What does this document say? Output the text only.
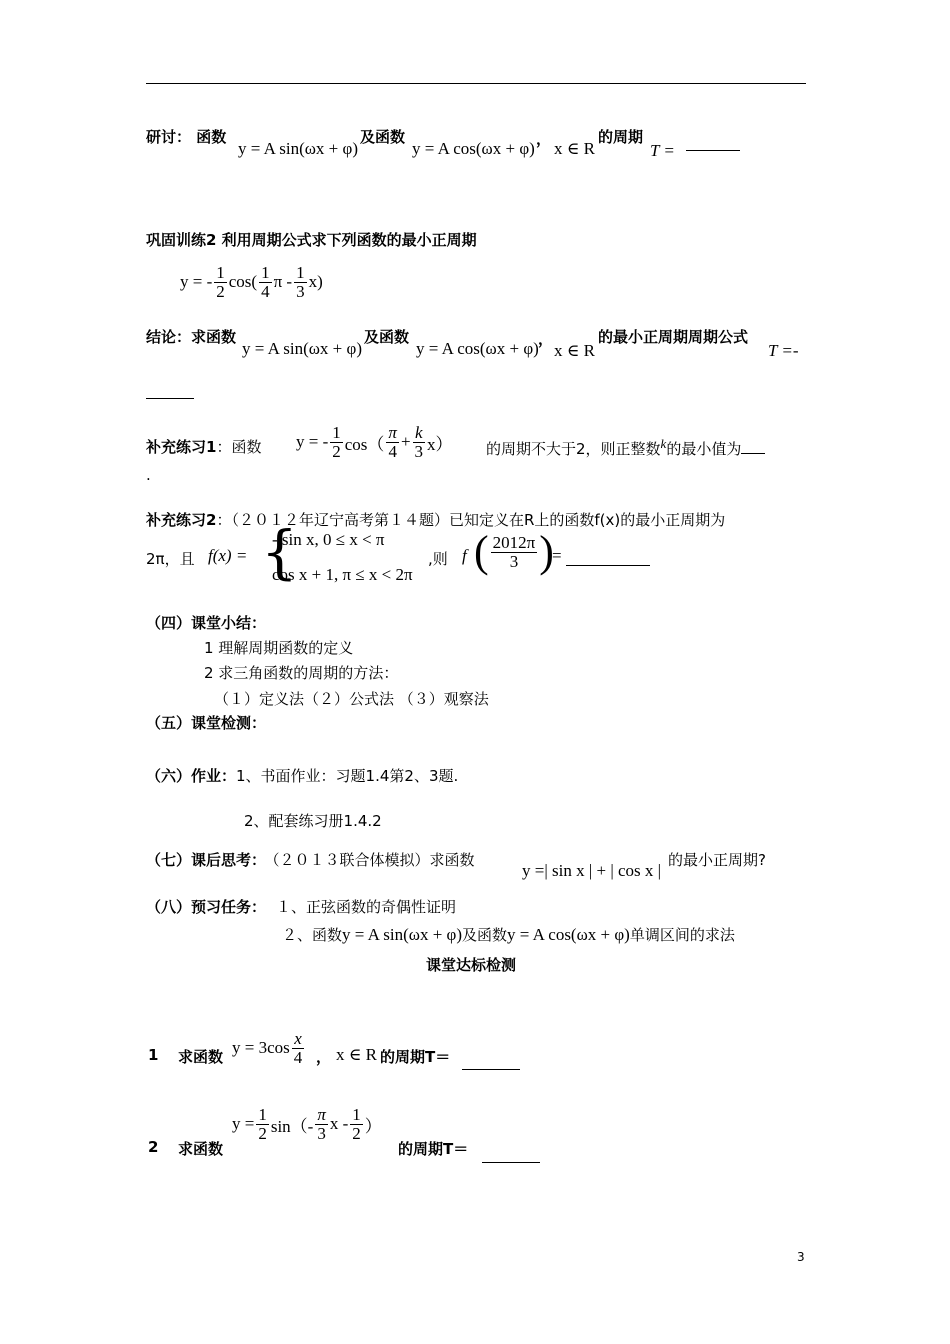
研讨： 函数
y = A sin(ωx + φ)
及函数
y = A cos(ωx + φ) ， x ∈ R
的周期
T =
巩固训练2 利用周期公式求下列函数的最小正周期
y = - $\frac{1}{2} \cos( \frac{1}{4}$ π - $\frac{1}{3} x$)
结论：求函数
y = A sin(ωx + φ)
及函数
y = A cos(ωx + φ) ，
x ∈ R
的最小正周期周期公式
T =-
补充练习1：函数 y = - $\frac{1}{2} \cos( \frac{\pi}{4} + \frac{k}{3} x)$ 的周期不大于2，则正整数k的最小值为
.
补充练习2：（２０１２年辽宁高考第１４题）已知定义在R上的函数f(x)的最小正周期为
2π，且 f(x) = {
- sin x, 0 ≤ x < π
cos x + 1, π ≤ x < 2π
,则 f ( $\frac{2012\pi}{3}$ )
=
（四）课堂小结：
1 理解周期函数的定义
2 求三角函数的周期的方法：
（１）定义法（２）公式法 （３）观察法
（五）课堂检测：
（六）作业：1、书面作业：习题1.4第2、3题.
2、配套练习册1.4.2
（七）课后思考： （２０１３联合体模拟）求函数
y =| sin x | + | cos x |
的最小正周期?
（八）预习任务： １、正弦函数的奇偶性证明
２、函数y = A sin(ωx + φ)及函数y = A cos(ωx + φ)单调区间的求法
课堂达标检测
1 求函数 $y = 3\cos \frac{x}{4}$ ， x ∈ R 的周期T＝
$y = \frac{1}{2} \sin(- \frac{\pi}{3}$ x - $\frac{1}{2}$ ）
2 求函数	的周期T＝
3
